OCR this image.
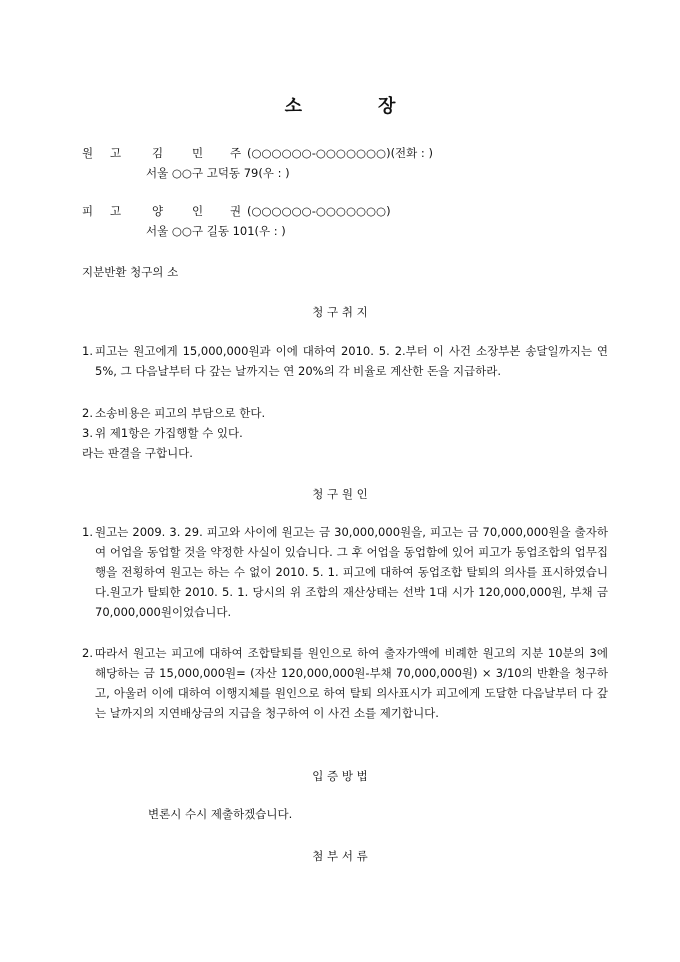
소	장
원 고	김	민 주 (○○○○○○-○○○○○○○)(전화 : )
서울 ○○구 고덕동 79(우 : )
피 고	양	인 권 (○○○○○○-○○○○○○○)
서울 ○○구 길동 101(우 : )
지분반환 청구의 소
청 구 취 지
1. 피고는 원고에게 15,000,000원과 이에 대하여 2010. 5. 2.부터 이 사건 소장부본 송달일까지는 연 5%, 그 다음날부터 다 갚는 날까지는 연 20%의 각 비율로 계산한 돈을 지급하라.
2. 소송비용은 피고의 부담으로 한다.
3. 위 제1항은 가집행할 수 있다.
라는 판결을 구합니다.
청 구 원 인
1. 원고는 2009. 3. 29. 피고와 사이에 원고는 금 30,000,000원을, 피고는 금 70,000,000원을 출자하여 어업을 동업할 것을 약정한 사실이 있습니다. 그 후 어업을 동업함에 있어 피고가 동업조합의 업무집행을 전횡하여 원고는 하는 수 없이 2010. 5. 1. 피고에 대하여 동업조합 탈퇴의 의사를 표시하였습니다.원고가 탈퇴한 2010. 5. 1. 당시의 위 조합의 재산상태는 선박 1대 시가 120,000,000원, 부채 금 70,000,000원이었습니다.
2. 따라서 원고는 피고에 대하여 조합탈퇴를 원인으로 하여 출자가액에 비례한 원고의 지분 10분의 3에 해당하는 금 15,000,000원= (자산 120,000,000원-부채 70,000,000원) × 3/10의 반환을 청구하고, 아울러 이에 대하여 이행지체를 원인으로 하여 탈퇴 의사표시가 피고에게 도달한 다음날부터 다 갚는 날까지의 지연배상금의 지급을 청구하여 이 사건 소를 제기합니다.
입 증 방 법
변론시 수시 제출하겠습니다.
첨 부 서 류
